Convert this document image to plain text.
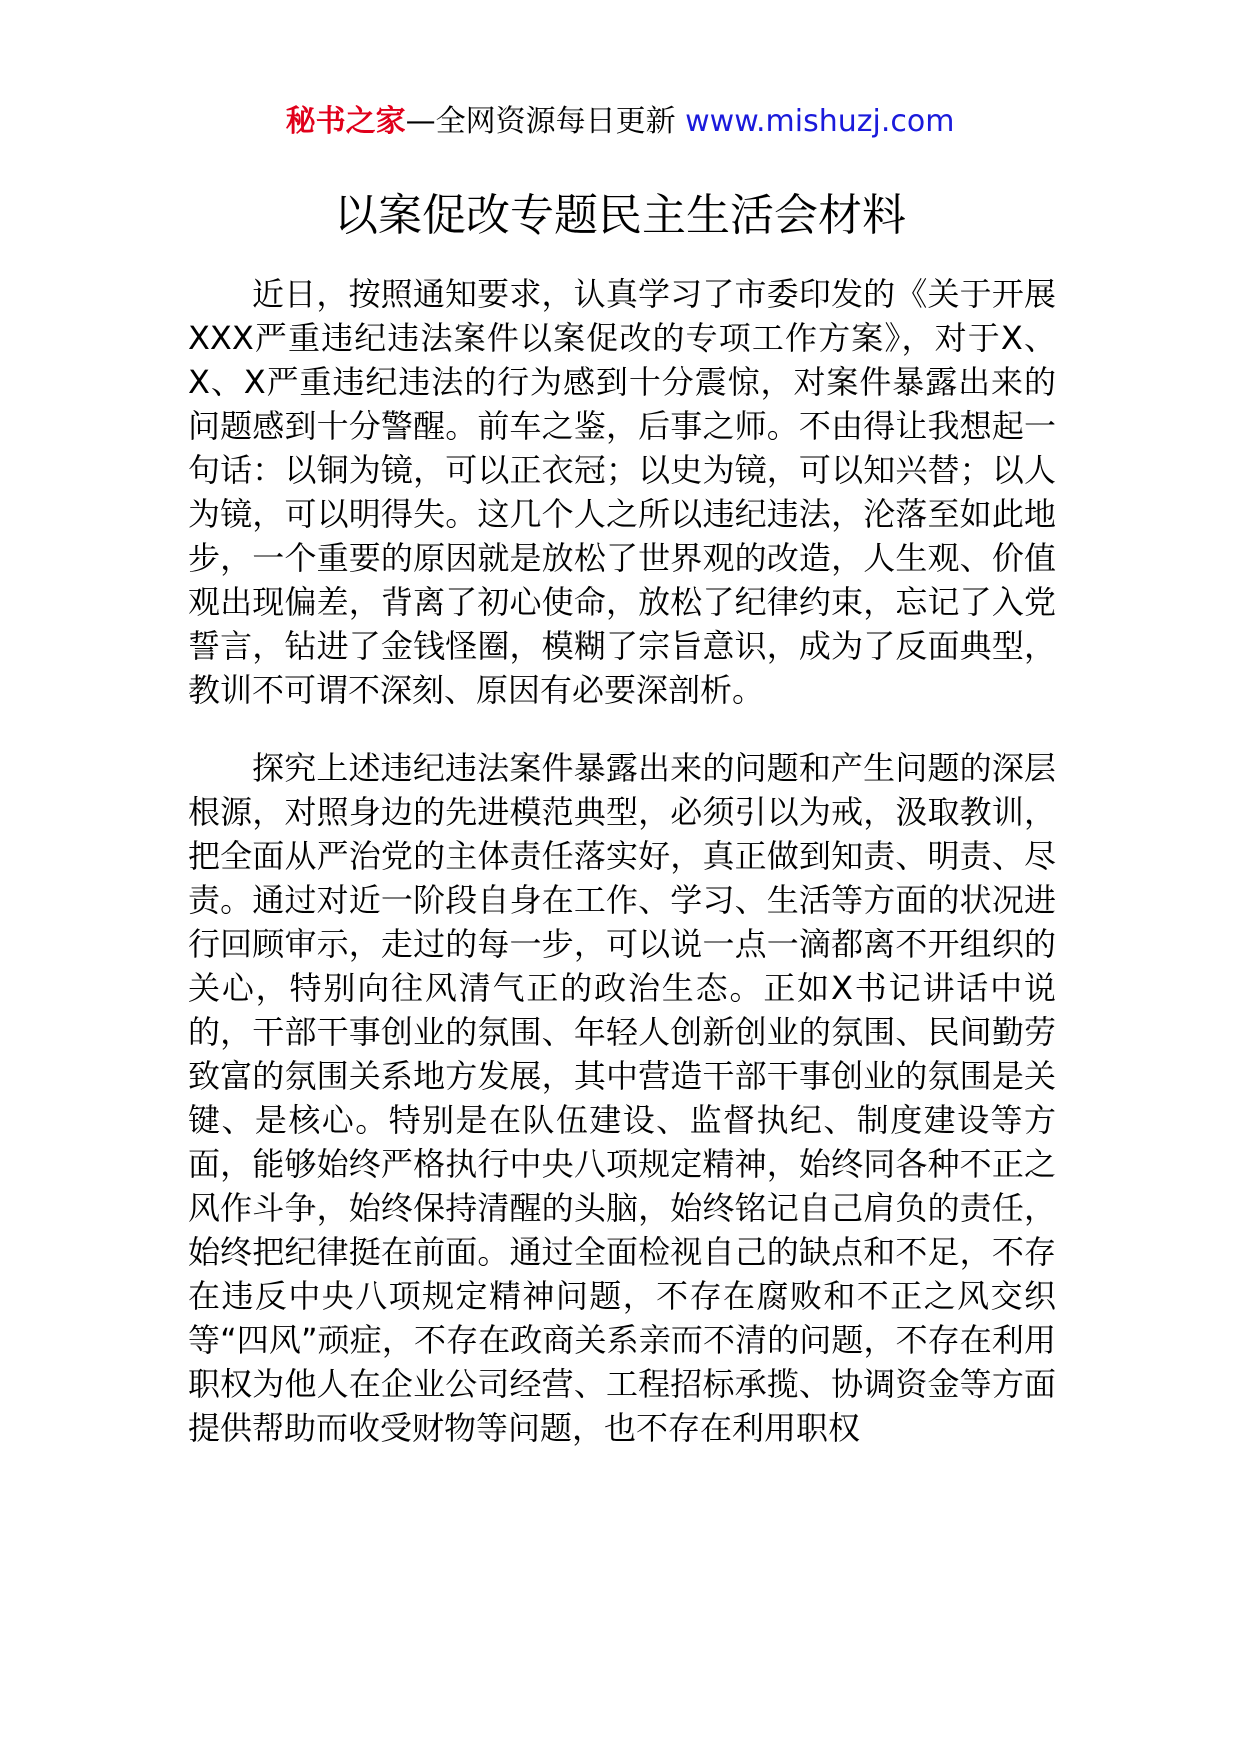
秘书之家—全网资源每日更新 www.mishuzj.com
以案促改专题民主生活会材料

近日，按照通知要求，认真学习了市委印发的《关于开展XXX严重违纪违法案件以案促改的专项工作方案》，对于X、X、X严重违纪违法的行为感到十分震惊，对案件暴露出来的问题感到十分警醒。前车之鉴，后事之师。不由得让我想起一句话：以铜为镜，可以正衣冠；以史为镜，可以知兴替；以人为镜，可以明得失。这几个人之所以违纪违法，沦落至如此地步，一个重要的原因就是放松了世界观的改造，人生观、价值观出现偏差，背离了初心使命，放松了纪律约束，忘记了入党誓言，钻进了金钱怪圈，模糊了宗旨意识，成为了反面典型，教训不可谓不深刻、原因有必要深剖析。

探究上述违纪违法案件暴露出来的问题和产生问题的深层根源，对照身边的先进模范典型，必须引以为戒，汲取教训，把全面从严治党的主体责任落实好，真正做到知责、明责、尽责。通过对近一阶段自身在工作、学习、生活等方面的状况进行回顾审示，走过的每一步，可以说一点一滴都离不开组织的关心，特别向往风清气正的政治生态。正如X书记讲话中说的，干部干事创业的氛围、年轻人创新创业的氛围、民间勤劳致富的氛围关系地方发展，其中营造干部干事创业的氛围是关键、是核心。特别是在队伍建设、监督执纪、制度建设等方面，能够始终严格执行中央八项规定精神，始终同各种不正之风作斗争，始终保持清醒的头脑，始终铭记自己肩负的责任，始终把纪律挺在前面。通过全面检视自己的缺点和不足，不存在违反中央八项规定精神问题，不存在腐败和不正之风交织等“四风”顽症，不存在政商关系亲而不清的问题，不存在利用职权为他人在企业公司经营、工程招标承揽、协调资金等方面提供帮助而收受财物等问题，也不存在利用职权
